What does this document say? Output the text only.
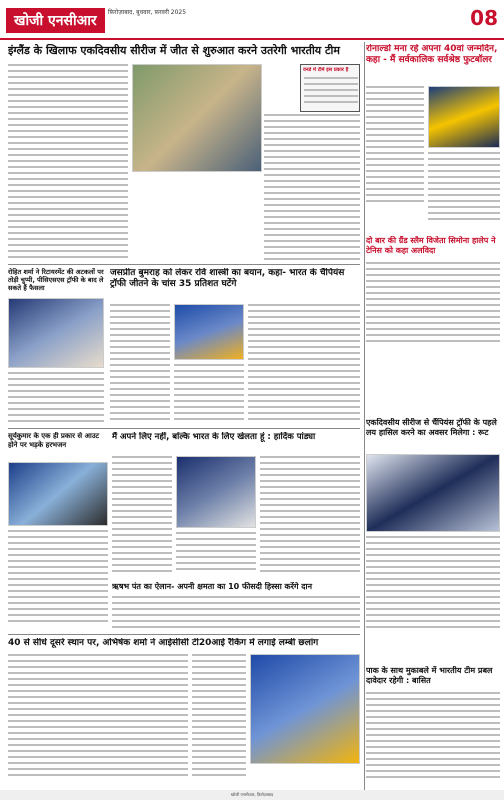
खोजी एनसीआर
फ़िरोज़ाबाद, बुधवार, फ़रवरी 2025	08
इंग्लैंड के खिलाफ एकदिवसीय सीरीज में जीत से शुरुआत करने उतरेगी भारतीय टीम
वनडे में टीमें इस प्रकार हैं
रोनाल्डो मना रहे अपना 40वां जन्मदिन, कहा - मैं सर्वकालिक सर्वश्रेष्ठ फुटबॉलर
रोहित शर्मा ने रिटायरमेंट की अटकलों पर तोड़ी चुप्पी, पीसिएसएस ट्रॉफी के बाद ले सकते हैं फैसला
जसप्रीत बुमराह को लेकर रवि शास्त्री का बयान, कहा- भारत के चैंपियंस ट्रॉफी जीतने के चांस 35 प्रतिशत घटेंगे
सूर्यकुमार के एक ही प्रकार से आउट होने पर भड़के हरभजन
मैं अपने लिए नहीं, बल्कि भारत के लिए खेलता हूं : हार्दिक पांड्या
ऋषभ पंत का ऐलान- अपनी क्षमता का 10 फीसदी हिस्सा करेंगे दान
40 से सीधे दूसरे स्थान पर, अभिषेक शर्मा ने आईसीसी टी20आई रैंकिंग में लगाई लम्बी छलांग
दो बार की ग्रैंड स्लैम विजेता सिमोना हालेप ने टेनिस को कहा अलविदा
एकदिवसीय सीरीज से चैंपियंस ट्रॉफी के पहले लय हासिल करने का अवसर मिलेगा : रूट
पाक के साथ मुकाबले में भारतीय टीम प्रबल दावेदार रहेगी : बासित
खोजी एनसीआर, फ़िरोज़ाबाद
